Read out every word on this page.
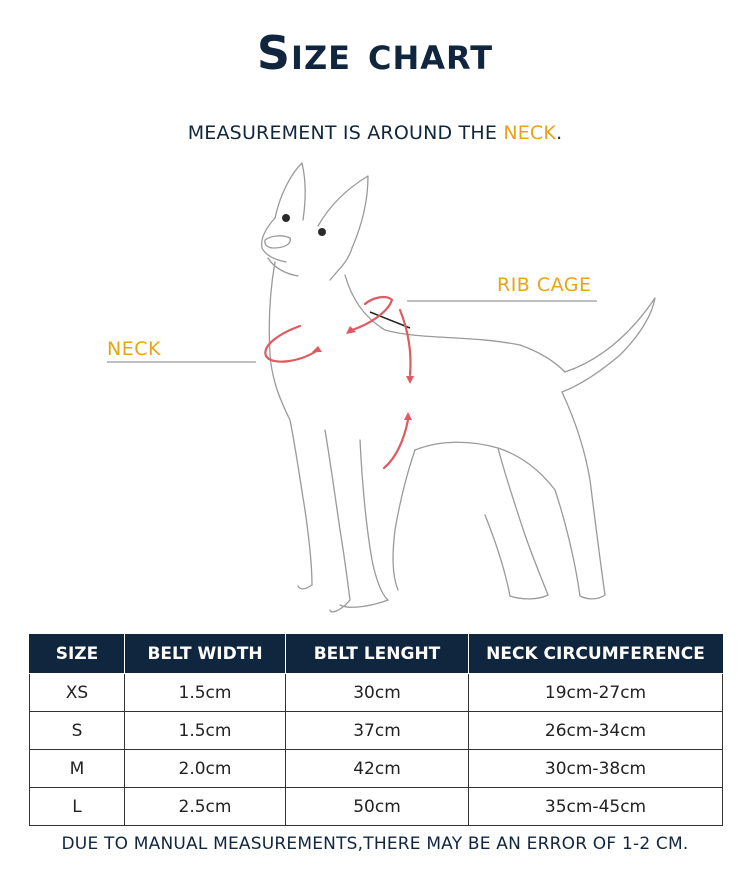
Size chart
MEASUREMENT IS AROUND THE NECK.
NECK
RIB CAGE
SIZE	BELT WIDTH	BELT LENGHT	NECK CIRCUMFERENCE
XS	1.5cm	30cm	19cm-27cm
S	1.5cm	37cm	26cm-34cm
M	2.0cm	42cm	30cm-38cm
L	2.5cm	50cm	35cm-45cm
DUE TO MANUAL MEASUREMENTS,THERE MAY BE AN ERROR OF 1-2 CM.
